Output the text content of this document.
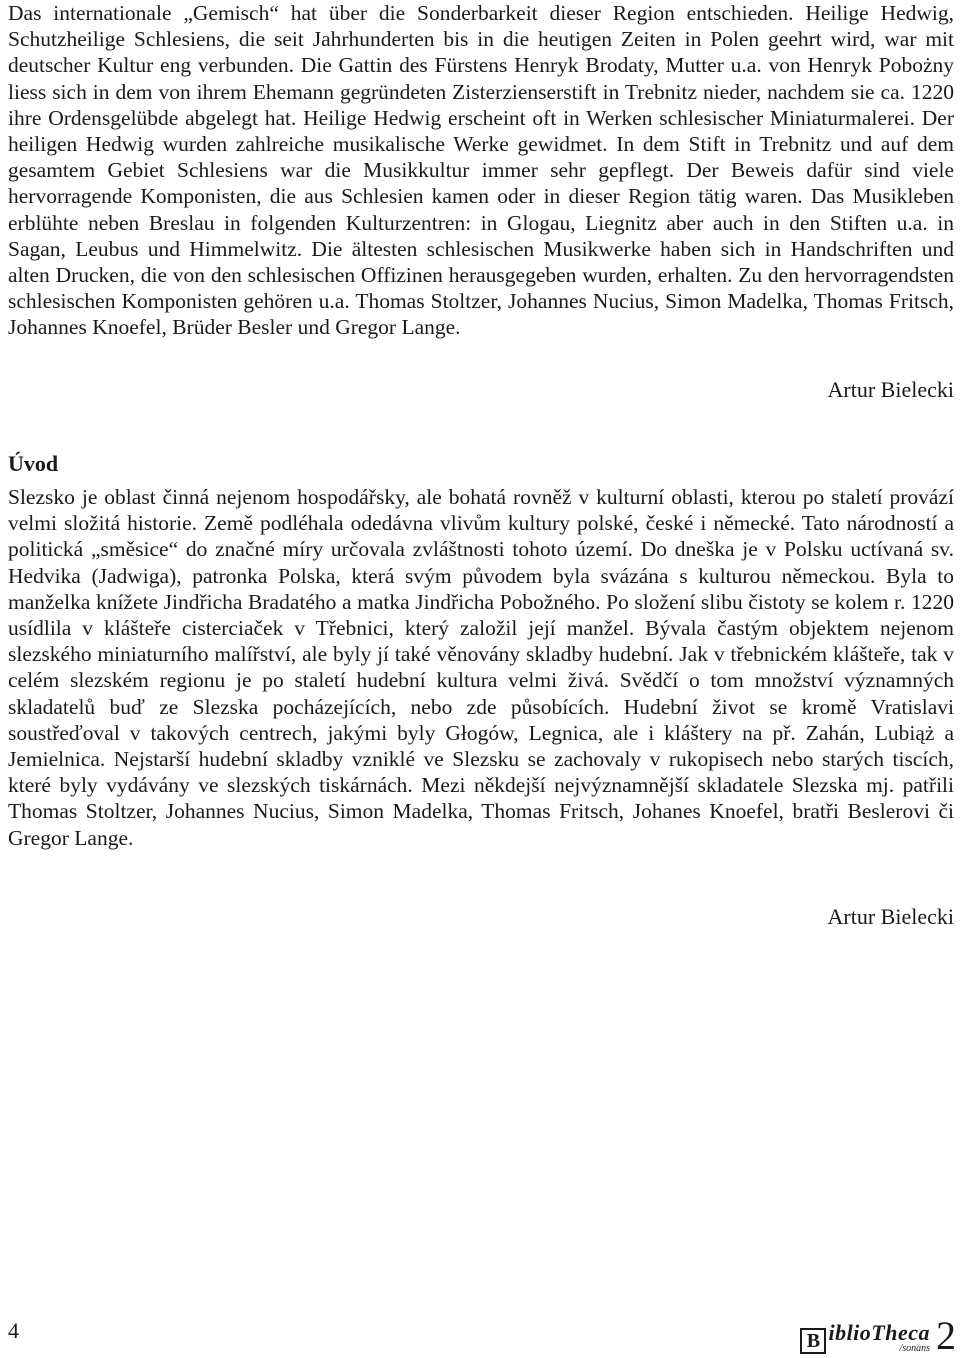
Das internationale „Gemisch“ hat über die Sonderbarkeit dieser Region entschieden. Heilige Hedwig, Schutzheilige Schlesiens, die seit Jahrhunderten bis in die heutigen Zeiten in Polen geehrt wird, war mit deutscher Kultur eng verbunden. Die Gattin des Fürstens Henryk Brodaty, Mutter u.a. von Henryk Pobożny liess sich in dem von ihrem Ehemann gegründeten Zisterzienserstift in Trebnitz nieder, nachdem sie ca. 1220 ihre Ordensgelübde abgelegt hat. Heilige Hedwig erscheint oft in Werken schlesischer Miniaturmalerei. Der heiligen Hedwig wurden zahlreiche musikalische Werke gewidmet. In dem Stift in Trebnitz und auf dem gesamtem Gebiet Schlesiens war die Musikkultur immer sehr gepflegt. Der Beweis dafür sind viele hervorragende Komponisten, die aus Schlesien kamen oder in dieser Region tätig waren. Das Musikleben erblühte neben Breslau in folgenden Kulturzentren: in Glogau, Liegnitz aber auch in den Stiften u.a. in Sagan, Leubus und Himmelwitz. Die ältesten schlesischen Musikwerke haben sich in Handschriften und alten Drucken, die von den schlesischen Offizinen herausgegeben wurden, erhalten. Zu den hervorragendsten schlesischen Komponisten gehören u.a. Thomas Stoltzer, Johannes Nucius, Simon Madelka, Thomas Fritsch, Johannes Knoefel, Brüder Besler und Gregor Lange.

Artur Bielecki

Úvod

Slezsko je oblast činná nejenom hospodářsky, ale bohatá rovněž v kulturní oblasti, kterou po staletí provází velmi složitá historie. Země podléhala odedávna vlivům kultury polské, české i německé. Tato národností a politická „směsice“ do značné míry určovala zvláštnosti tohoto území. Do dneška je v Polsku uctívaná sv. Hedvika (Jadwiga), patronka Polska, která svým původem byla svázána s kulturou německou. Byla to manželka knížete Jindřicha Bradatého a matka Jindřicha Pobožného. Po složení slibu čistoty se kolem r. 1220 usídlila v klášteře cisterciaček v Třebnici, který založil její manžel. Bývala častým objektem nejenom slezského miniaturního malířství, ale byly jí také věnovány skladby hudební. Jak v třebnickém klášteře, tak v celém slezském regionu je po staletí hudební kultura velmi živá. Svědčí o tom množství významných skladatelů buď ze Slezska pocházejících, nebo zde působících. Hudební život se kromě Vratislavi soustřeďoval v takových centrech, jakými byly Głogów, Legnica, ale i kláštery na př. Zahán, Lubiąż a Jemielnica. Nejstarší hudební skladby vzniklé ve Slezsku se zachovaly v rukopisech nebo starých tiscích, které byly vydávány ve slezských tiskárnách. Mezi někdejší nejvýznamnější skladatele Slezska mj. patřili Thomas Stoltzer, Johannes Nucius, Simon Madelka, Thomas Fritsch, Johanes Knoefel, bratři Beslerovi či Gregor Lange.

Artur Bielecki

4	B iblioTheca
/sonans 2
